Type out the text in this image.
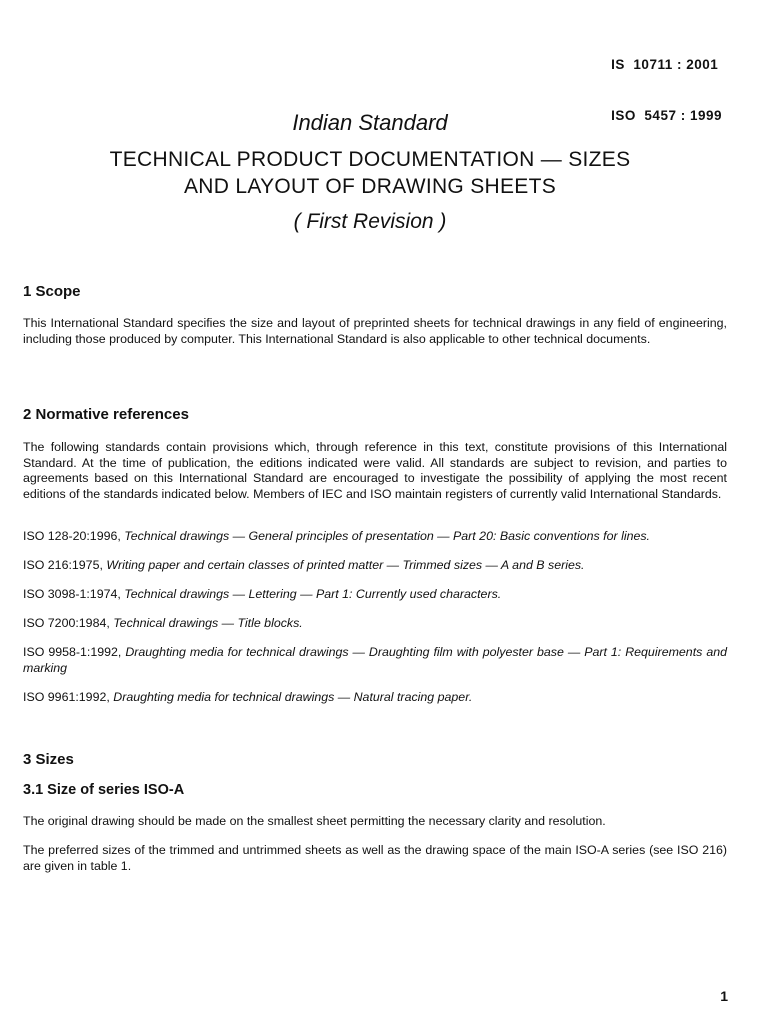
IS  10711 : 2001

ISO  5457 : 1999

Indian Standard
TECHNICAL PRODUCT DOCUMENTATION — SIZES
AND LAYOUT OF DRAWING SHEETS
( First Revision )
1 Scope
This International Standard specifies the size and layout of preprinted sheets for technical drawings in any field of engineering, including those produced by computer. This International Standard is also applicable to other technical documents.
2 Normative references
The following standards contain provisions which, through reference in this text, constitute provisions of this International Standard. At the time of publication, the editions indicated were valid. All standards are subject to revision, and parties to agreements based on this International Standard are encouraged to investigate the possibility of applying the most recent editions of the standards indicated below. Members of IEC and ISO maintain registers of currently valid International Standards.
ISO 128-20:1996, Technical drawings — General principles of presentation — Part 20: Basic conventions for lines.
ISO 216:1975, Writing paper and certain classes of printed matter — Trimmed sizes — A and B series.
ISO 3098-1:1974, Technical drawings — Lettering — Part 1: Currently used characters.
ISO 7200:1984, Technical drawings — Title blocks.
ISO 9958-1:1992, Draughting media for technical drawings — Draughting film with polyester base — Part 1: Requirements and marking
ISO 9961:1992, Draughting media for technical drawings — Natural tracing paper.
3 Sizes
3.1 Size of series ISO-A
The original drawing should be made on the smallest sheet permitting the necessary clarity and resolution.
The preferred sizes of the trimmed and untrimmed sheets as well as the drawing space of the main ISO-A series (see ISO 216) are given in table 1.
1
